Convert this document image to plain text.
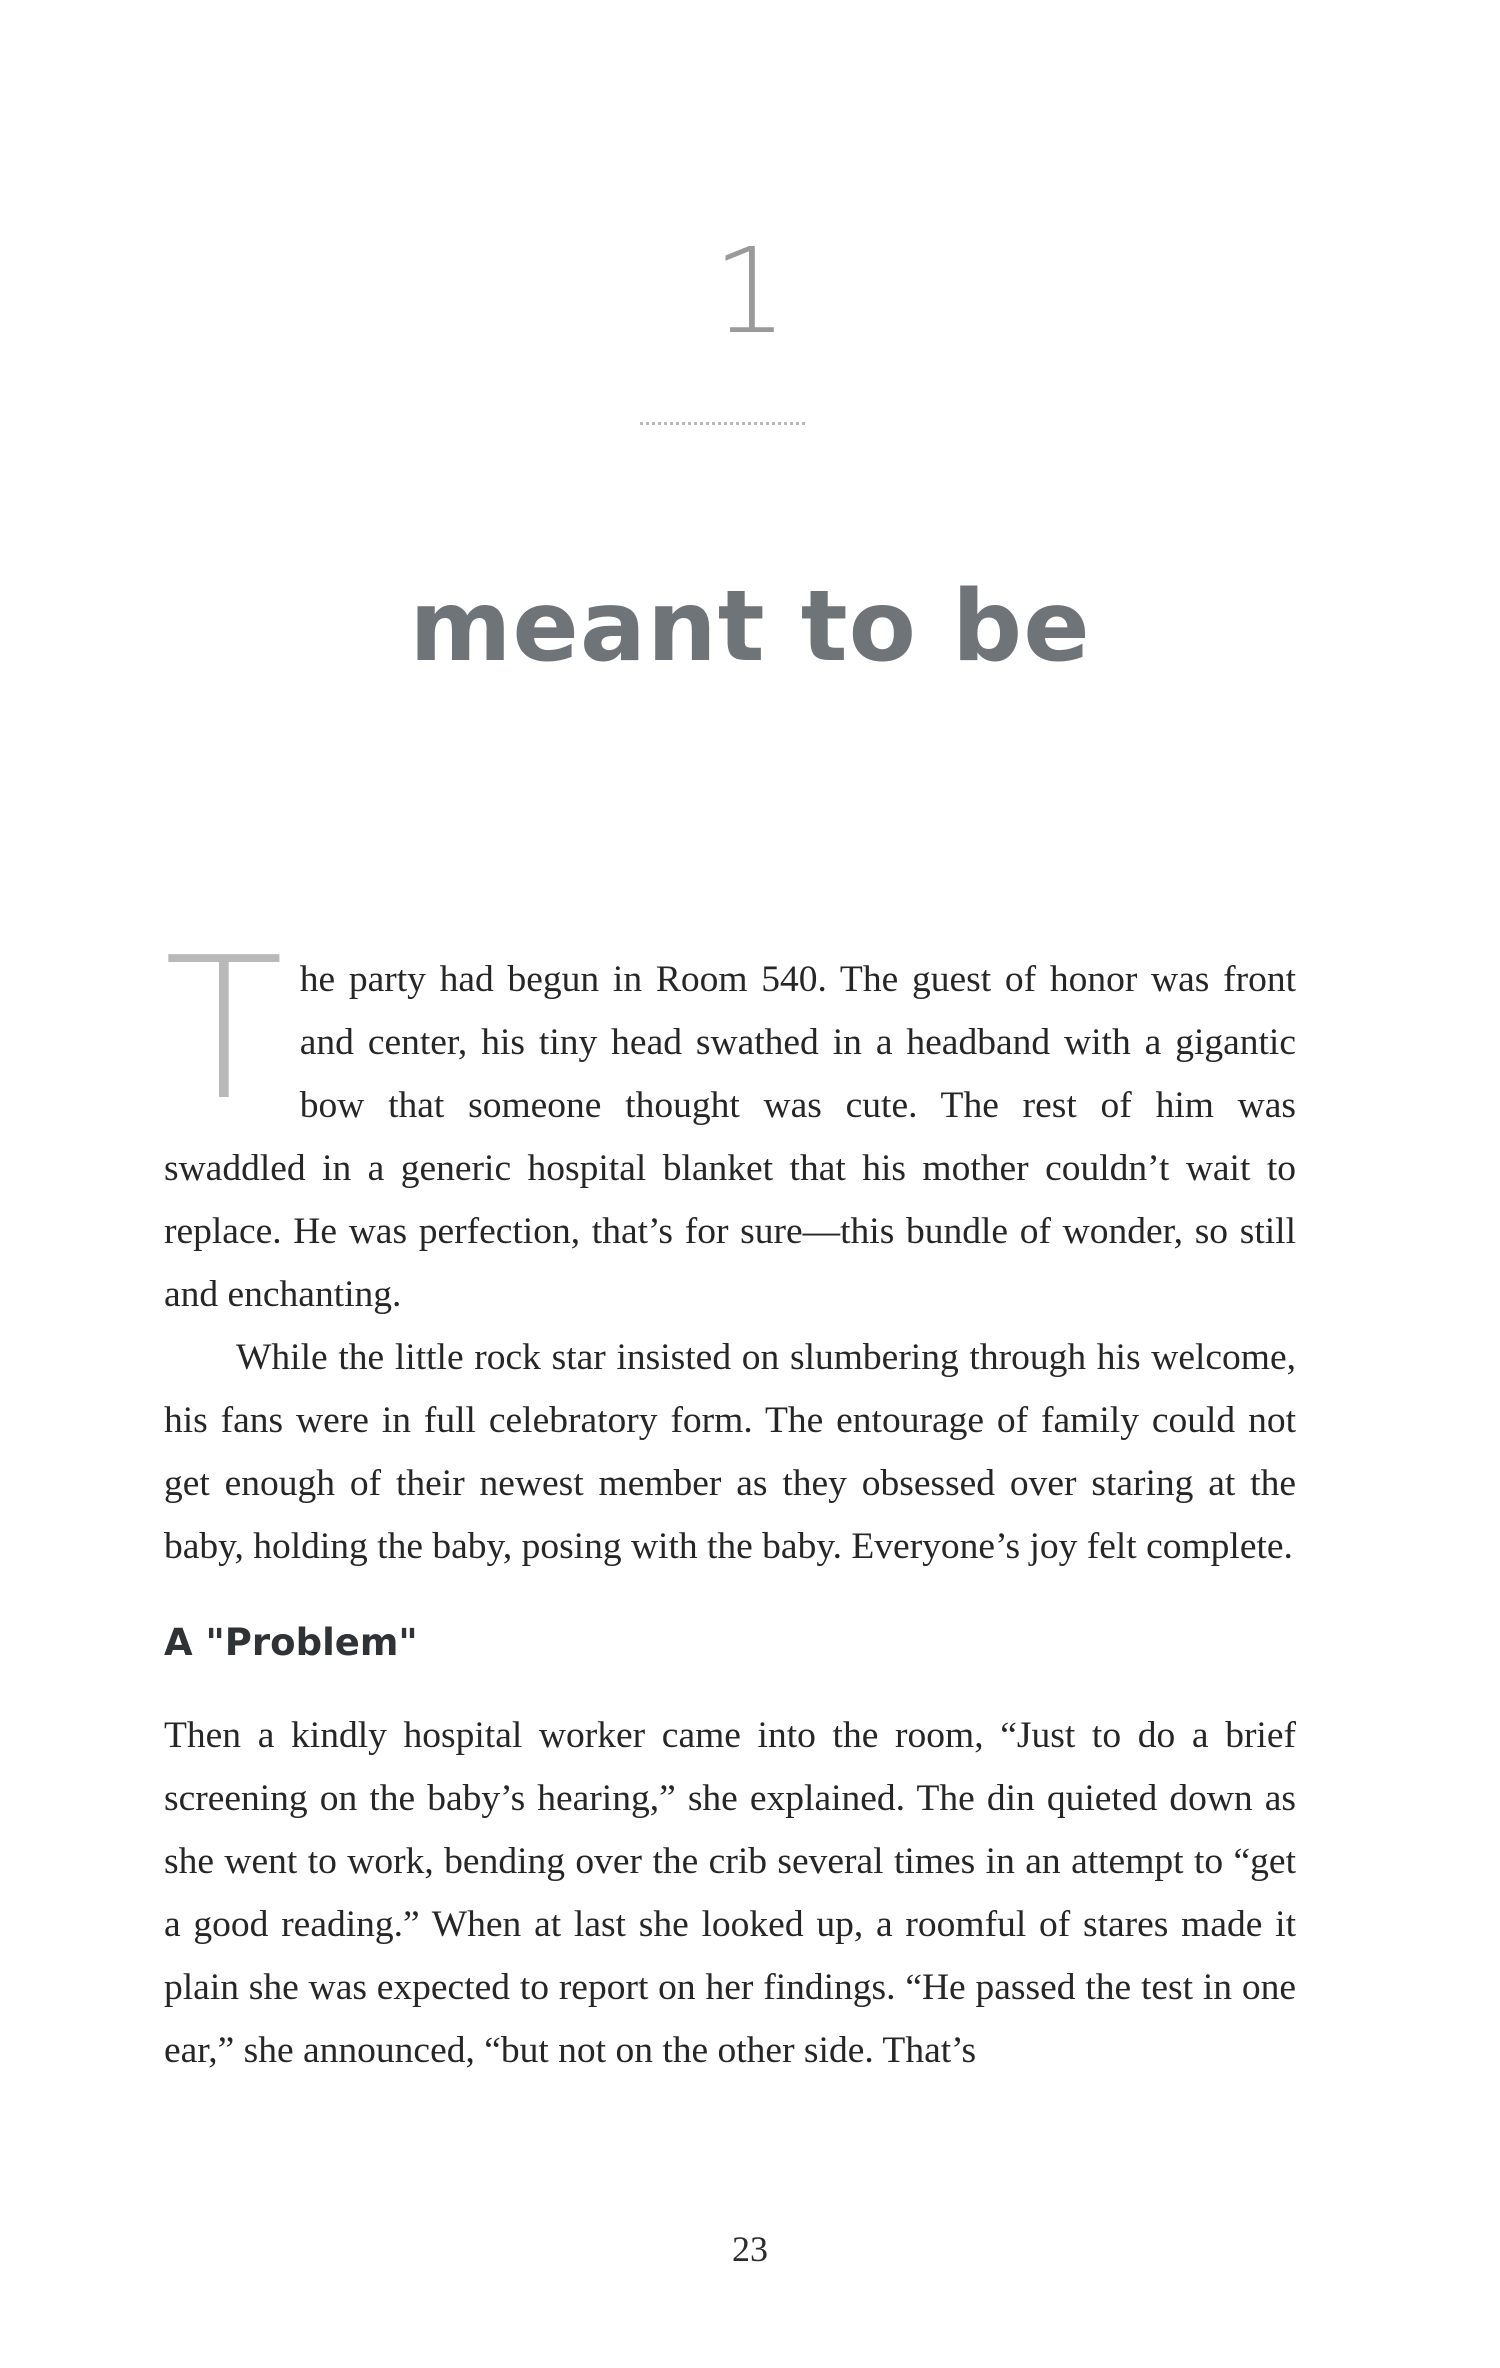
1
meant to be

The party had begun in Room 540. The guest of honor was front and center, his tiny head swathed in a headband with a gigantic bow that someone thought was cute. The rest of him was swaddled in a generic hospital blanket that his mother couldn’t wait to replace. He was perfection, that’s for sure—this bundle of wonder, so still and enchanting.

While the little rock star insisted on slumbering through his welcome, his fans were in full celebratory form. The entourage of family could not get enough of their newest member as they obsessed over staring at the baby, holding the baby, posing with the baby. Everyone’s joy felt complete.

A "Problem"

Then a kindly hospital worker came into the room, “Just to do a brief screening on the baby’s hearing,” she explained. The din quieted down as she went to work, bending over the crib several times in an attempt to “get a good reading.” When at last she looked up, a roomful of stares made it plain she was expected to report on her findings. “He passed the test in one ear,” she announced, “but not on the other side. That’s

23
